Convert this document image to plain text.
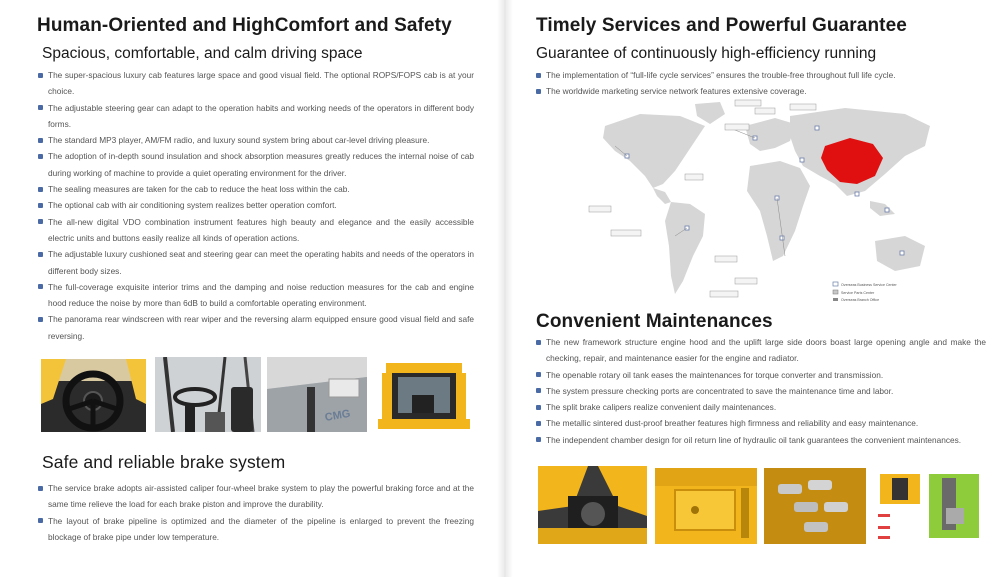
Human-Oriented and HighComfort and Safety
Spacious, comfortable, and calm driving space
The super-spacious luxury cab features large space and good visual field. The optional ROPS/FOPS cab is at your choice.
The adjustable steering gear can adapt to the operation habits and working needs of the operators in different body forms.
The standard MP3 player, AM/FM radio, and luxury sound system bring about car-level driving pleasure.
The adoption of in-depth sound insulation and shock absorption measures greatly reduces the internal noise of cab during working of machine to provide a quiet operating environment for the driver.
The sealing measures are taken for the cab to reduce the heat loss within the cab.
The optional cab with air conditioning system realizes better operation comfort.
The all-new digital VDO combination instrument features high beauty and elegance and the easily accessible electric units and buttons easily realize all kinds of operation actions.
The adjustable luxury cushioned seat and steering gear can meet the operating habits and needs of the operators in different body sizes.
The full-coverage exquisite interior trims and the damping and noise reduction measures for the cab and engine hood reduce the noise by more than 6dB to build a comfortable operating environment.
The panorama rear windscreen with rear wiper and the reversing alarm equipped ensure good visual field and safe reversing.
CMG
Safe and reliable brake system
The service brake adopts air-assisted caliper four-wheel brake system to play the powerful braking force and at the same time relieve the load for each brake piston and improve the durability.
The layout of brake pipeline is optimized and the diameter of the pipeline is enlarged to prevent the freezing blockage of brake pipe under low temperature.
Timely Services and Powerful Guarantee
Guarantee of continuously high-efficiency running
The implementation of “full-life cycle services” ensures the trouble-free throughout full life cycle.
The worldwide marketing service network features extensive coverage.
Overseas Business Service Center
Service Parts Center
Overseas Branch Office
Convenient Maintenances
The new framework structure engine hood and the uplift large side doors boast large opening angle and make the checking, repair, and maintenance easier for the engine and radiator.
The openable rotary oil tank eases the maintenances for torque converter and transmission.
The system pressure checking ports are concentrated to save the maintenance time and labor.
The split brake calipers realize convenient daily maintenances.
The metallic sintered dust-proof breather features high firmness and reliability and easy maintenance.
The independent chamber design for oil return line of hydraulic oil tank guarantees the convenient maintenances.
